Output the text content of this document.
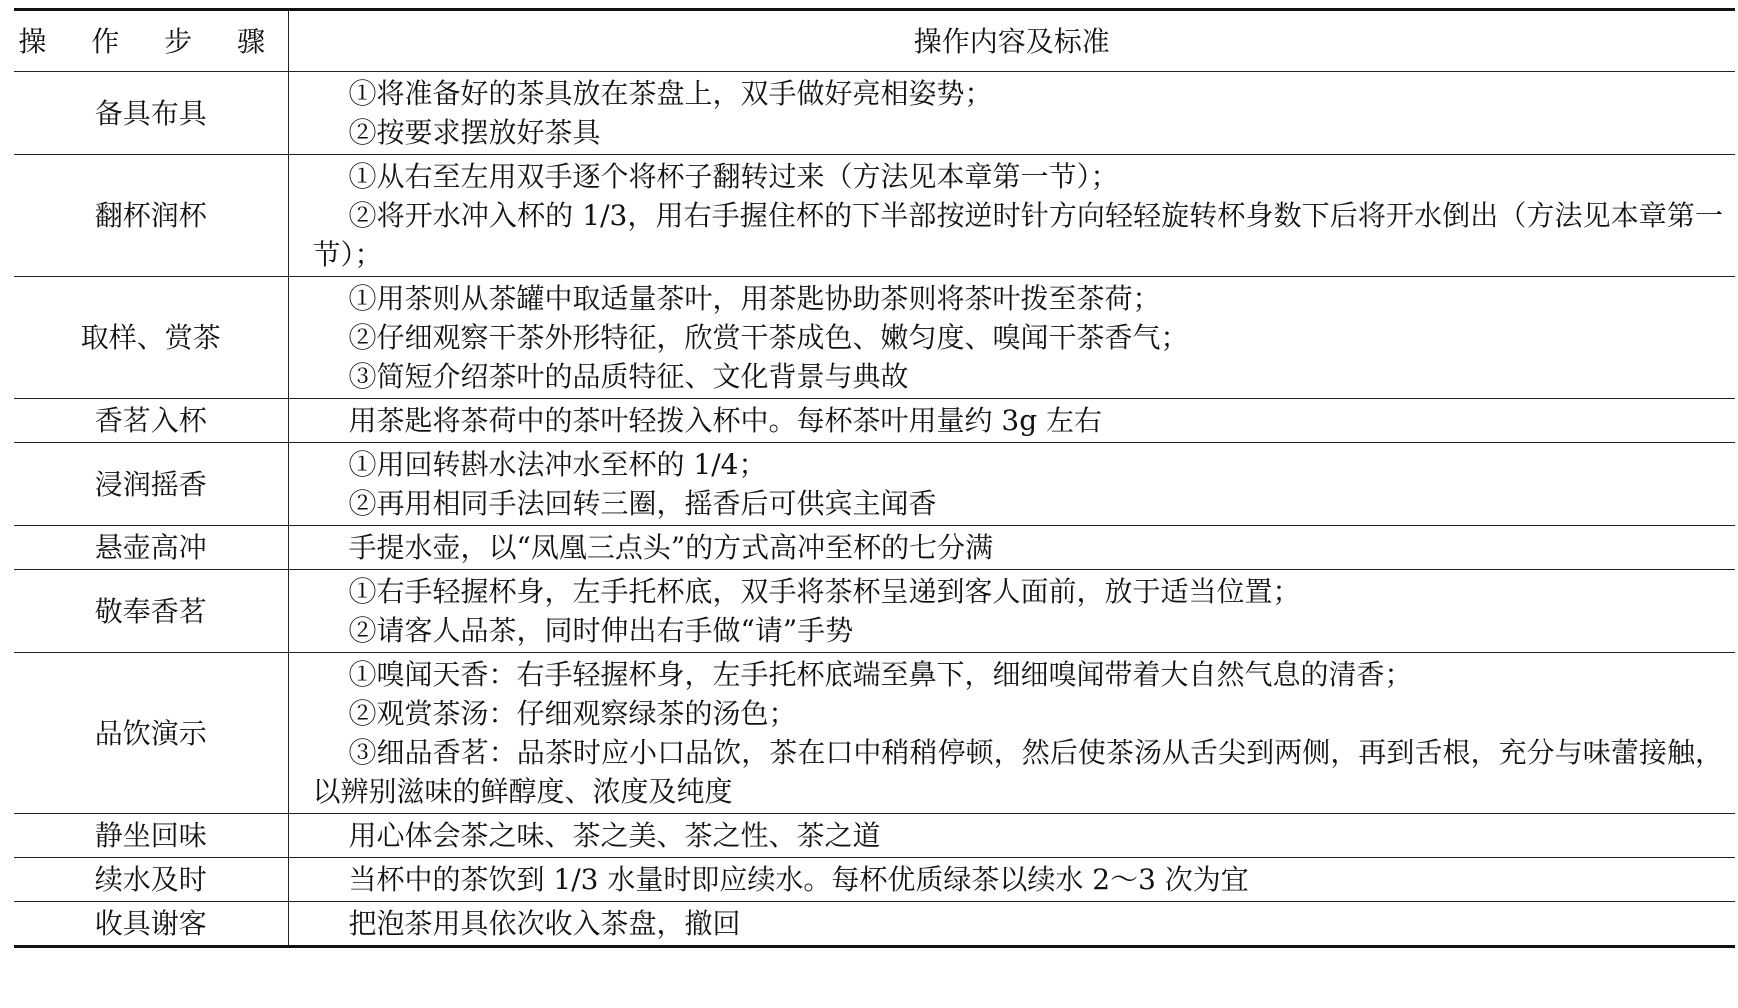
操 作 步 骤	操作内容及标准
备具布具	①将准备好的茶具放在茶盘上，双手做好亮相姿势；
②按要求摆放好茶具

翻杯润杯	①从右至左用双手逐个将杯子翻转过来（方法见本章第一节）；
②将开水冲入杯的 1/3，用右手握住杯的下半部按逆时针方向轻轻旋转杯身数下后将开水倒出（方法见本章第一节）；

取样、赏茶	①用茶则从茶罐中取适量茶叶，用茶匙协助茶则将茶叶拨至茶荷；
②仔细观察干茶外形特征，欣赏干茶成色、嫩匀度、嗅闻干茶香气；
③简短介绍茶叶的品质特征、文化背景与典故

香茗入杯	用茶匙将茶荷中的茶叶轻拨入杯中。每杯茶叶用量约 3g 左右

浸润摇香	①用回转斟水法冲水至杯的 1/4；
②再用相同手法回转三圈，摇香后可供宾主闻香

悬壶高冲	手提水壶，以“凤凰三点头”的方式高冲至杯的七分满

敬奉香茗	①右手轻握杯身，左手托杯底，双手将茶杯呈递到客人面前，放于适当位置；
②请客人品茶，同时伸出右手做“请”手势

品饮演示	①嗅闻天香：右手轻握杯身，左手托杯底端至鼻下，细细嗅闻带着大自然气息的清香；
②观赏茶汤：仔细观察绿茶的汤色；
③细品香茗：品茶时应小口品饮，茶在口中稍稍停顿，然后使茶汤从舌尖到两侧，再到舌根，充分与味蕾接触，以辨别滋味的鲜醇度、浓度及纯度

静坐回味	用心体会茶之味、茶之美、茶之性、茶之道

续水及时	当杯中的茶饮到 1/3 水量时即应续水。每杯优质绿茶以续水 2～3 次为宜

收具谢客	把泡茶用具依次收入茶盘，撤回
